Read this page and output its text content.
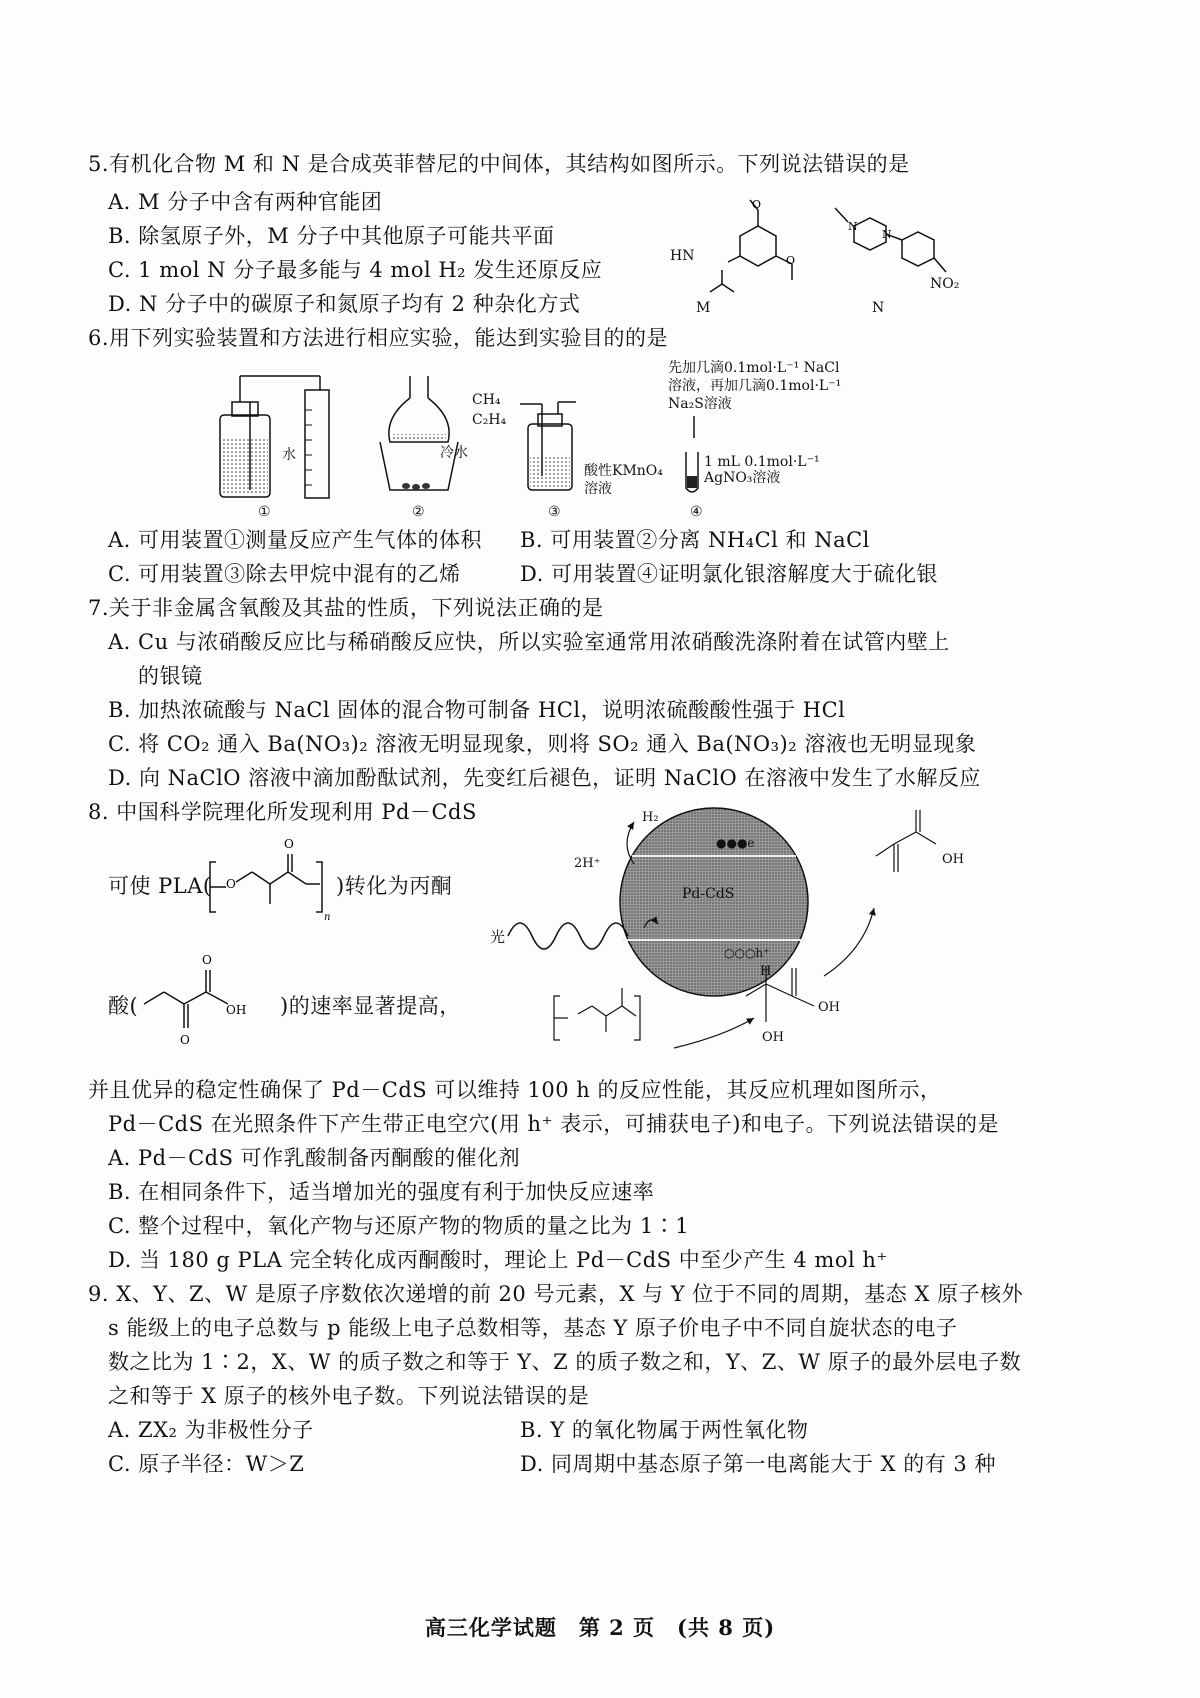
5.有机化合物 M 和 N 是合成英菲替尼的中间体，其结构如图所示。下列说法错误的是
A. M 分子中含有两种官能团
B. 除氢原子外，M 分子中其他原子可能共平面
C. 1 mol N 分子最多能与 4 mol H₂ 发生还原反应
D. N 分子中的碳原子和氮原子均有 2 种杂化方式
O
O
HN
M
N
N
NO₂
N
6.用下列实验装置和方法进行相应实验，能达到实验目的的是
水
①
冷水
②
CH₄
C₂H₄
酸性KMnO₄
溶液
③
先加几滴0.1mol·L⁻¹ NaCl
溶液，再加几滴0.1mol·L⁻¹
Na₂S溶液
1 mL 0.1mol·L⁻¹
AgNO₃溶液
④
A. 可用装置①测量反应产生气体的体积 B. 可用装置②分离 NH₄Cl 和 NaCl
C. 可用装置③除去甲烷中混有的乙烯	D. 可用装置④证明氯化银溶解度大于硫化银
7.关于非金属含氧酸及其盐的性质，下列说法正确的是
A. Cu 与浓硝酸反应比与稀硝酸反应快，所以实验室通常用浓硝酸洗涤附着在试管内壁上
的银镜
B. 加热浓硫酸与 NaCl 固体的混合物可制备 HCl，说明浓硫酸酸性强于 HCl
C. 将 CO₂ 通入 Ba(NO₃)₂ 溶液无明显现象，则将 SO₂ 通入 Ba(NO₃)₂ 溶液也无明显现象
D. 向 NaClO 溶液中滴加酚酞试剂，先变红后褪色，证明 NaClO 在溶液中发生了水解反应
8. 中国科学院理化所发现利用 Pd－CdS
可使 PLA( O
O
n
)转化为丙酮
酸(
O
O
OH )的速率显著提高，
H₂
2H⁺
●●●e
Pd-CdS
○○○h⁺
光
H
OH
OH
OH
并且优异的稳定性确保了 Pd－CdS 可以维持 100 h 的反应性能，其反应机理如图所示，
Pd－CdS 在光照条件下产生带正电空穴(用 h⁺ 表示，可捕获电子)和电子。下列说法错误的是
A. Pd－CdS 可作乳酸制备丙酮酸的催化剂
B. 在相同条件下，适当增加光的强度有利于加快反应速率
C. 整个过程中，氧化产物与还原产物的物质的量之比为 1∶1
D. 当 180 g PLA 完全转化成丙酮酸时，理论上 Pd－CdS 中至少产生 4 mol h⁺
9. X、Y、Z、W 是原子序数依次递增的前 20 号元素，X 与 Y 位于不同的周期，基态 X 原子核外
s 能级上的电子总数与 p 能级上电子总数相等，基态 Y 原子价电子中不同自旋状态的电子
数之比为 1∶2，X、W 的质子数之和等于 Y、Z 的质子数之和，Y、Z、W 原子的最外层电子数
之和等于 X 原子的核外电子数。下列说法错误的是
A. ZX₂ 为非极性分子	B. Y 的氧化物属于两性氧化物
C. 原子半径：W＞Z	D. 同周期中基态原子第一电离能大于 X 的有 3 种
高三化学试题　第 2 页　(共 8 页)
